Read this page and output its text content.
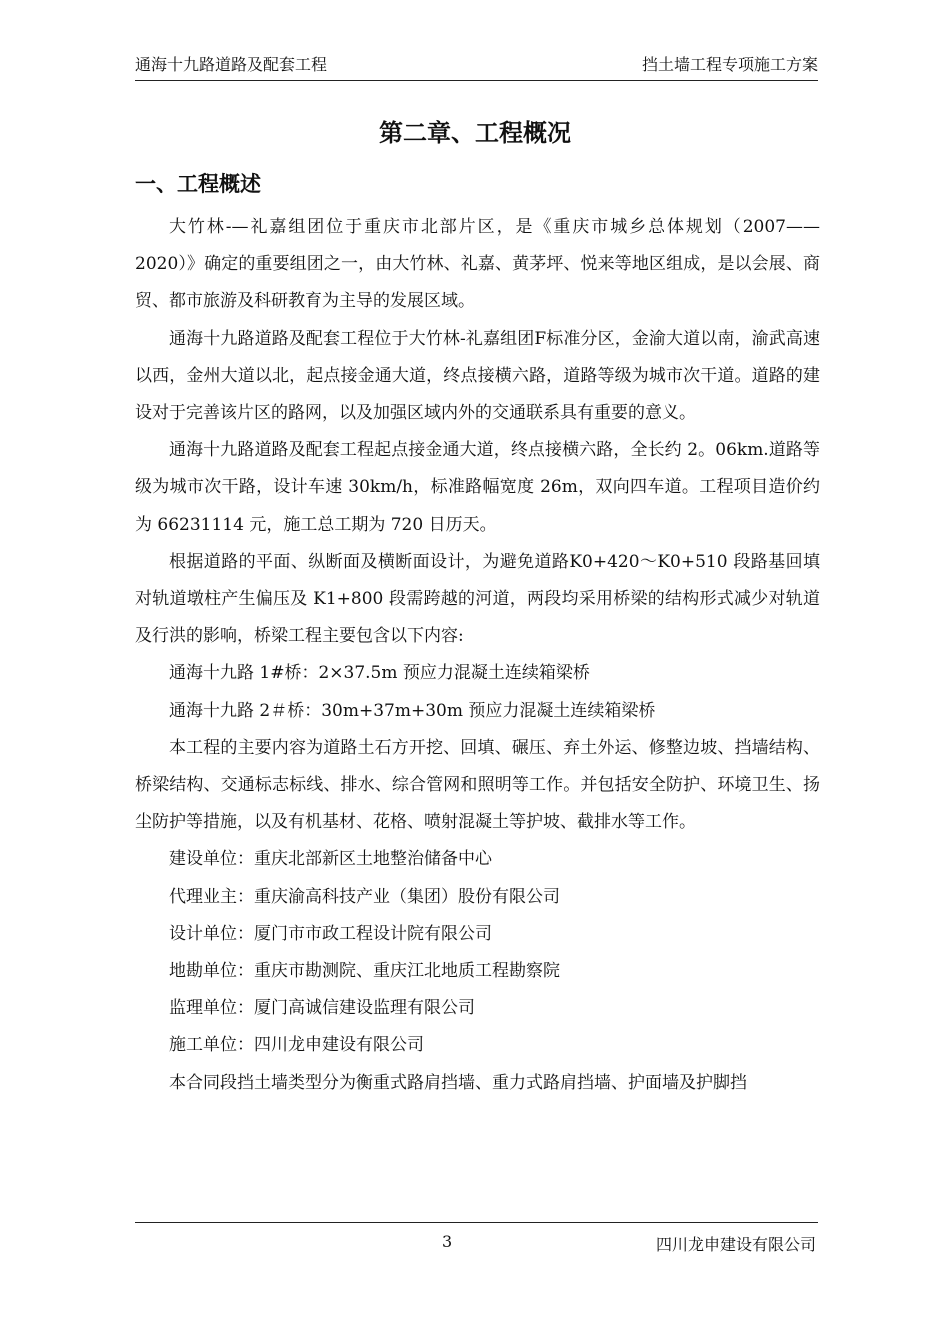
通海十九路道路及配套工程	挡土墙工程专项施工方案
第二章、工程概况
一、工程概述

大竹林-—礼嘉组团位于重庆市北部片区，是《重庆市城乡总体规划（2007——2020）》确定的重要组团之一，由大竹林、礼嘉、黄茅坪、悦来等地区组成，是以会展、商贸、都市旅游及科研教育为主导的发展区域。

通海十九路道路及配套工程位于大竹林-礼嘉组团F标准分区，金渝大道以南，渝武高速以西，金州大道以北，起点接金通大道，终点接横六路，道路等级为城市次干道。道路的建设对于完善该片区的路网，以及加强区域内外的交通联系具有重要的意义。

通海十九路道路及配套工程起点接金通大道，终点接横六路，全长约 2。06km.道路等级为城市次干路，设计车速 30km/h，标准路幅宽度 26m，双向四车道。工程项目造价约为 66231114 元，施工总工期为 720 日历天。

根据道路的平面、纵断面及横断面设计，为避免道路K0+420～K0+510 段路基回填对轨道墩柱产生偏压及 K1+800 段需跨越的河道，两段均采用桥梁的结构形式减少对轨道及行洪的影响，桥梁工程主要包含以下内容:

通海十九路 1#桥：2×37.5m 预应力混凝土连续箱梁桥

通海十九路 2＃桥：30m+37m+30m 预应力混凝土连续箱梁桥

本工程的主要内容为道路土石方开挖、回填、碾压、弃土外运、修整边坡、挡墙结构、桥梁结构、交通标志标线、排水、综合管网和照明等工作。并包括安全防护、环境卫生、扬尘防护等措施，以及有机基材、花格、喷射混凝土等护坡、截排水等工作。

建设单位：重庆北部新区土地整治储备中心

代理业主：重庆渝高科技产业（集团）股份有限公司

设计单位：厦门市市政工程设计院有限公司

地勘单位：重庆市勘测院、重庆江北地质工程勘察院

监理单位：厦门高诚信建设监理有限公司

施工单位：四川龙申建设有限公司

本合同段挡土墙类型分为衡重式路肩挡墙、重力式路肩挡墙、护面墙及护脚挡

3	四川龙申建设有限公司
